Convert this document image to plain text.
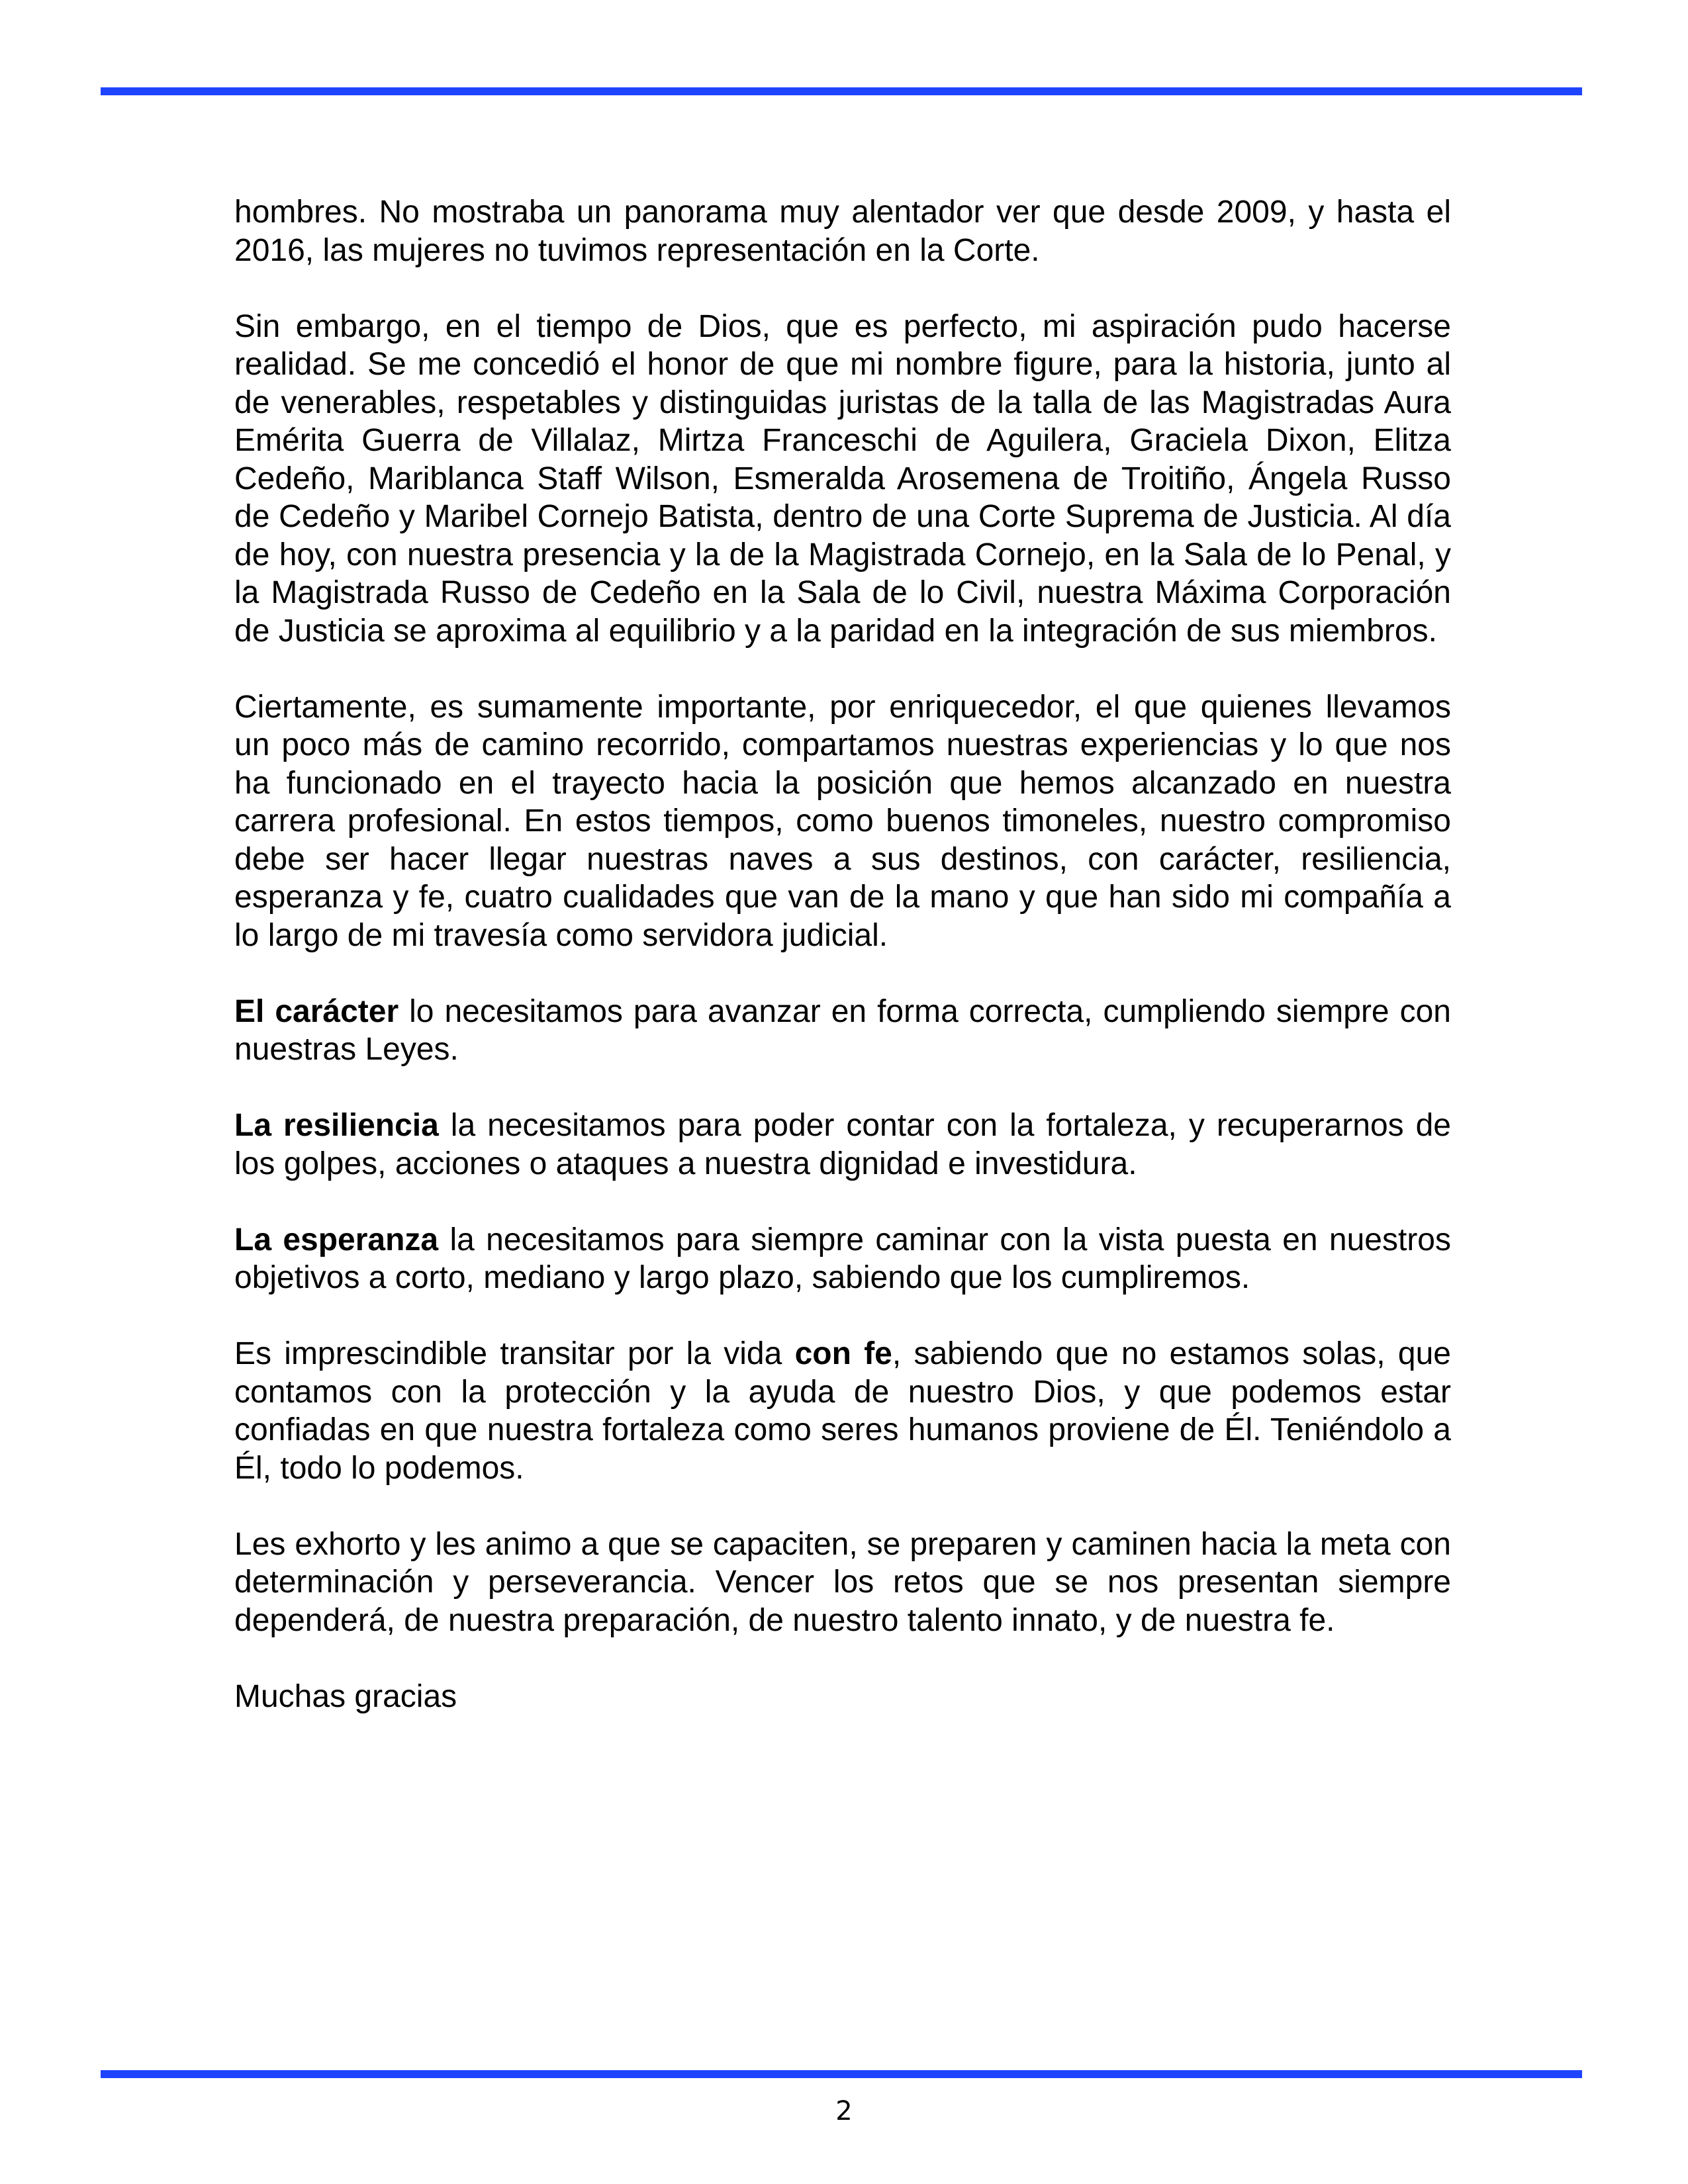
hombres. No mostraba un panorama muy alentador ver que desde 2009, y hasta el 2016, las mujeres no tuvimos representación en la Corte.

Sin embargo, en el tiempo de Dios, que es perfecto, mi aspiración pudo hacerse realidad. Se me concedió el honor de que mi nombre figure, para la historia, junto al de venerables, respetables y distinguidas juristas de la talla de las Magistradas Aura Emérita Guerra de Villalaz, Mirtza Franceschi de Aguilera, Graciela Dixon, Elitza Cedeño, Mariblanca Staff Wilson, Esmeralda Arosemena de Troitiño, Ángela Russo de Cedeño y Maribel Cornejo Batista, dentro de una Corte Suprema de Justicia. Al día de hoy, con nuestra presencia y la de la Magistrada Cornejo, en la Sala de lo Penal, y la Magistrada Russo de Cedeño en la Sala de lo Civil, nuestra Máxima Corporación de Justicia se aproxima al equilibrio y a la paridad en la integración de sus miembros.

Ciertamente, es sumamente importante, por enriquecedor, el que quienes llevamos un poco más de camino recorrido, compartamos nuestras experiencias y lo que nos ha funcionado en el trayecto hacia la posición que hemos alcanzado en nuestra carrera profesional. En estos tiempos, como buenos timoneles, nuestro compromiso debe ser hacer llegar nuestras naves a sus destinos, con carácter, resiliencia, esperanza y fe, cuatro cualidades que van de la mano y que han sido mi compañía a lo largo de mi travesía como servidora judicial.

El carácter lo necesitamos para avanzar en forma correcta, cumpliendo siempre con nuestras Leyes.

La resiliencia la necesitamos para poder contar con la fortaleza, y recuperarnos de los golpes, acciones o ataques a nuestra dignidad e investidura.

La esperanza la necesitamos para siempre caminar con la vista puesta en nuestros objetivos a corto, mediano y largo plazo, sabiendo que los cumpliremos.

Es imprescindible transitar por la vida con fe, sabiendo que no estamos solas, que contamos con la protección y la ayuda de nuestro Dios, y que podemos estar confiadas en que nuestra fortaleza como seres humanos proviene de Él. Teniéndolo a Él, todo lo podemos.

Les exhorto y les animo a que se capaciten, se preparen y caminen hacia la meta con determinación y perseverancia. Vencer los retos que se nos presentan siempre dependerá, de nuestra preparación, de nuestro talento innato, y de nuestra fe.

Muchas gracias

2
